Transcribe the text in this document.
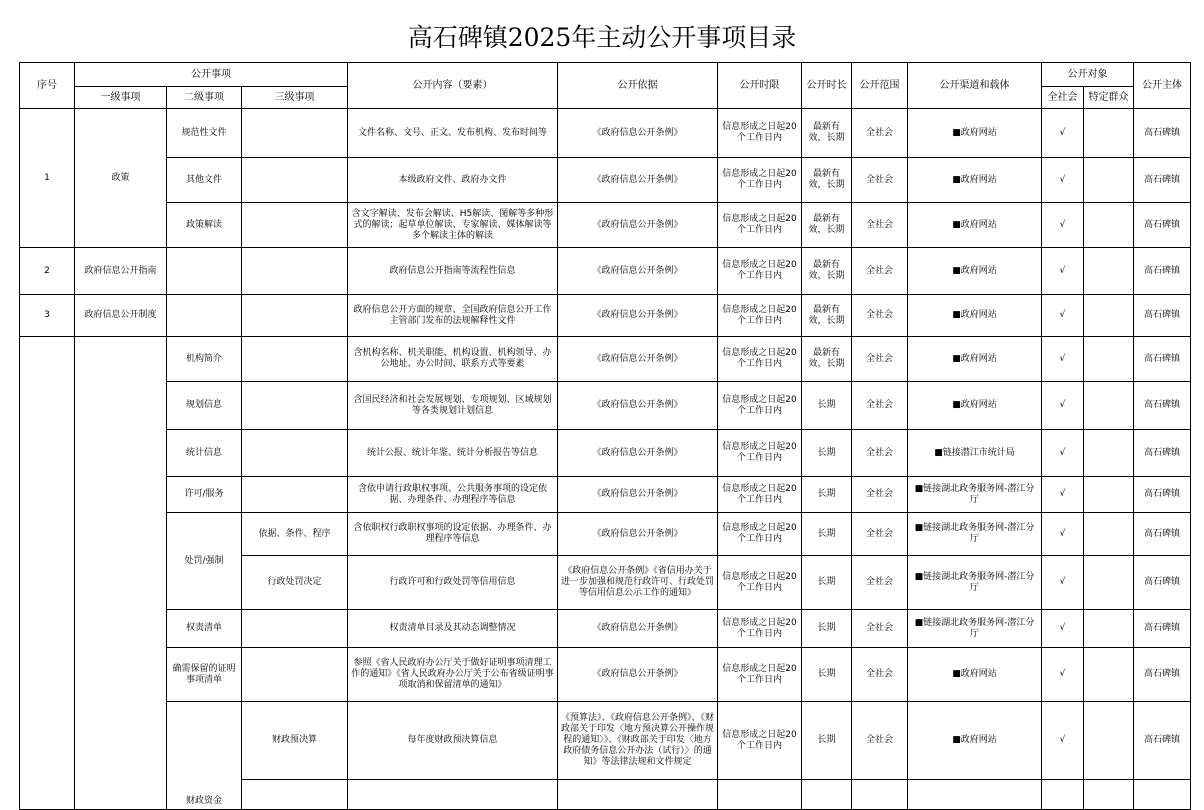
高石碑镇2025年主动公开事项目录
序号	公开事项			公开内容（要素）	公开依据	公开时限	公开时长	公开范围	公开渠道和载体	公开对象		公开主体
	一级事项	二级事项	三级事项							全社会	特定群众	
1	政策	规范性文件		文件名称、文号、正文、发布机构、发布时间等	《政府信息公开条例》	信息形成之日起20个工作日内	最新有效，长期	全社会	■政府网站	√		高石碑镇
		其他文件		本级政府文件、政府办文件	《政府信息公开条例》	信息形成之日起20个工作日内	最新有效，长期	全社会	■政府网站	√		高石碑镇
		政策解读		含文字解读、发布会解读、H5解读、图解等多种形式的解读；起草单位解读、专家解读、媒体解读等多个解读主体的解读	《政府信息公开条例》	信息形成之日起20个工作日内	最新有效，长期	全社会	■政府网站	√		高石碑镇
2	政府信息公开指南			政府信息公开指南等流程性信息	《政府信息公开条例》	信息形成之日起20个工作日内	最新有效，长期	全社会	■政府网站	√		高石碑镇
3	政府信息公开制度			政府信息公开方面的规章、全国政府信息公开工作主管部门发布的法规解释性文件	《政府信息公开条例》	信息形成之日起20个工作日内	最新有效，长期	全社会	■政府网站	√		高石碑镇
		机构简介		含机构名称、机关职能、机构设置、机构领导、办公地址、办公时间、联系方式等要素	《政府信息公开条例》	信息形成之日起20个工作日内	最新有效，长期	全社会	■政府网站	√		高石碑镇
		规划信息		含国民经济和社会发展规划、专项规划、区域规划等各类规划计划信息	《政府信息公开条例》	信息形成之日起20个工作日内	长期	全社会	■政府网站	√		高石碑镇
		统计信息		统计公报、统计年鉴、统计分析报告等信息	《政府信息公开条例》	信息形成之日起20个工作日内	长期	全社会	■链接潜江市统计局	√		高石碑镇
		许可/服务		含依申请行政职权事项、公共服务事项的设定依据、办理条件、办理程序等信息	《政府信息公开条例》	信息形成之日起20个工作日内	长期	全社会	■链接湖北政务服务网-潜江分厅	√		高石碑镇
		处罚/强制	依据、条件、程序	含依职权行政职权事项的设定依据、办理条件、办理程序等信息	《政府信息公开条例》	信息形成之日起20个工作日内	长期	全社会	■链接湖北政务服务网-潜江分厅	√		高石碑镇
			行政处罚决定	行政许可和行政处罚等信用信息	《政府信息公开条例》《省信用办关于进一步加强和规范行政许可、行政处罚等信用信息公示工作的通知》	信息形成之日起20个工作日内	长期	全社会	■链接湖北政务服务网-潜江分厅	√		高石碑镇
		权责清单		权责清单目录及其动态调整情况	《政府信息公开条例》	信息形成之日起20个工作日内	长期	全社会	■链接湖北政务服务网-潜江分厅	√		高石碑镇
		确需保留的证明事项清单		参照《省人民政府办公厅关于做好证明事项清理工作的通知》《省人民政府办公厅关于公布省级证明事项取消和保留清单的通知》	《政府信息公开条例》	信息形成之日起20个工作日内	长期	全社会	■政府网站	√		高石碑镇
		财政资金	财政预决算	每年度财政预决算信息	《预算法》、《政府信息公开条例》、《财政部关于印发〈地方预决算公开操作规程的通知〉》、《财政部关于印发〈地方政府债务信息公开办法（试行）〉的通知》等法律法规和文件规定	信息形成之日起20个工作日内	长期	全社会	■政府网站	√		高石碑镇
